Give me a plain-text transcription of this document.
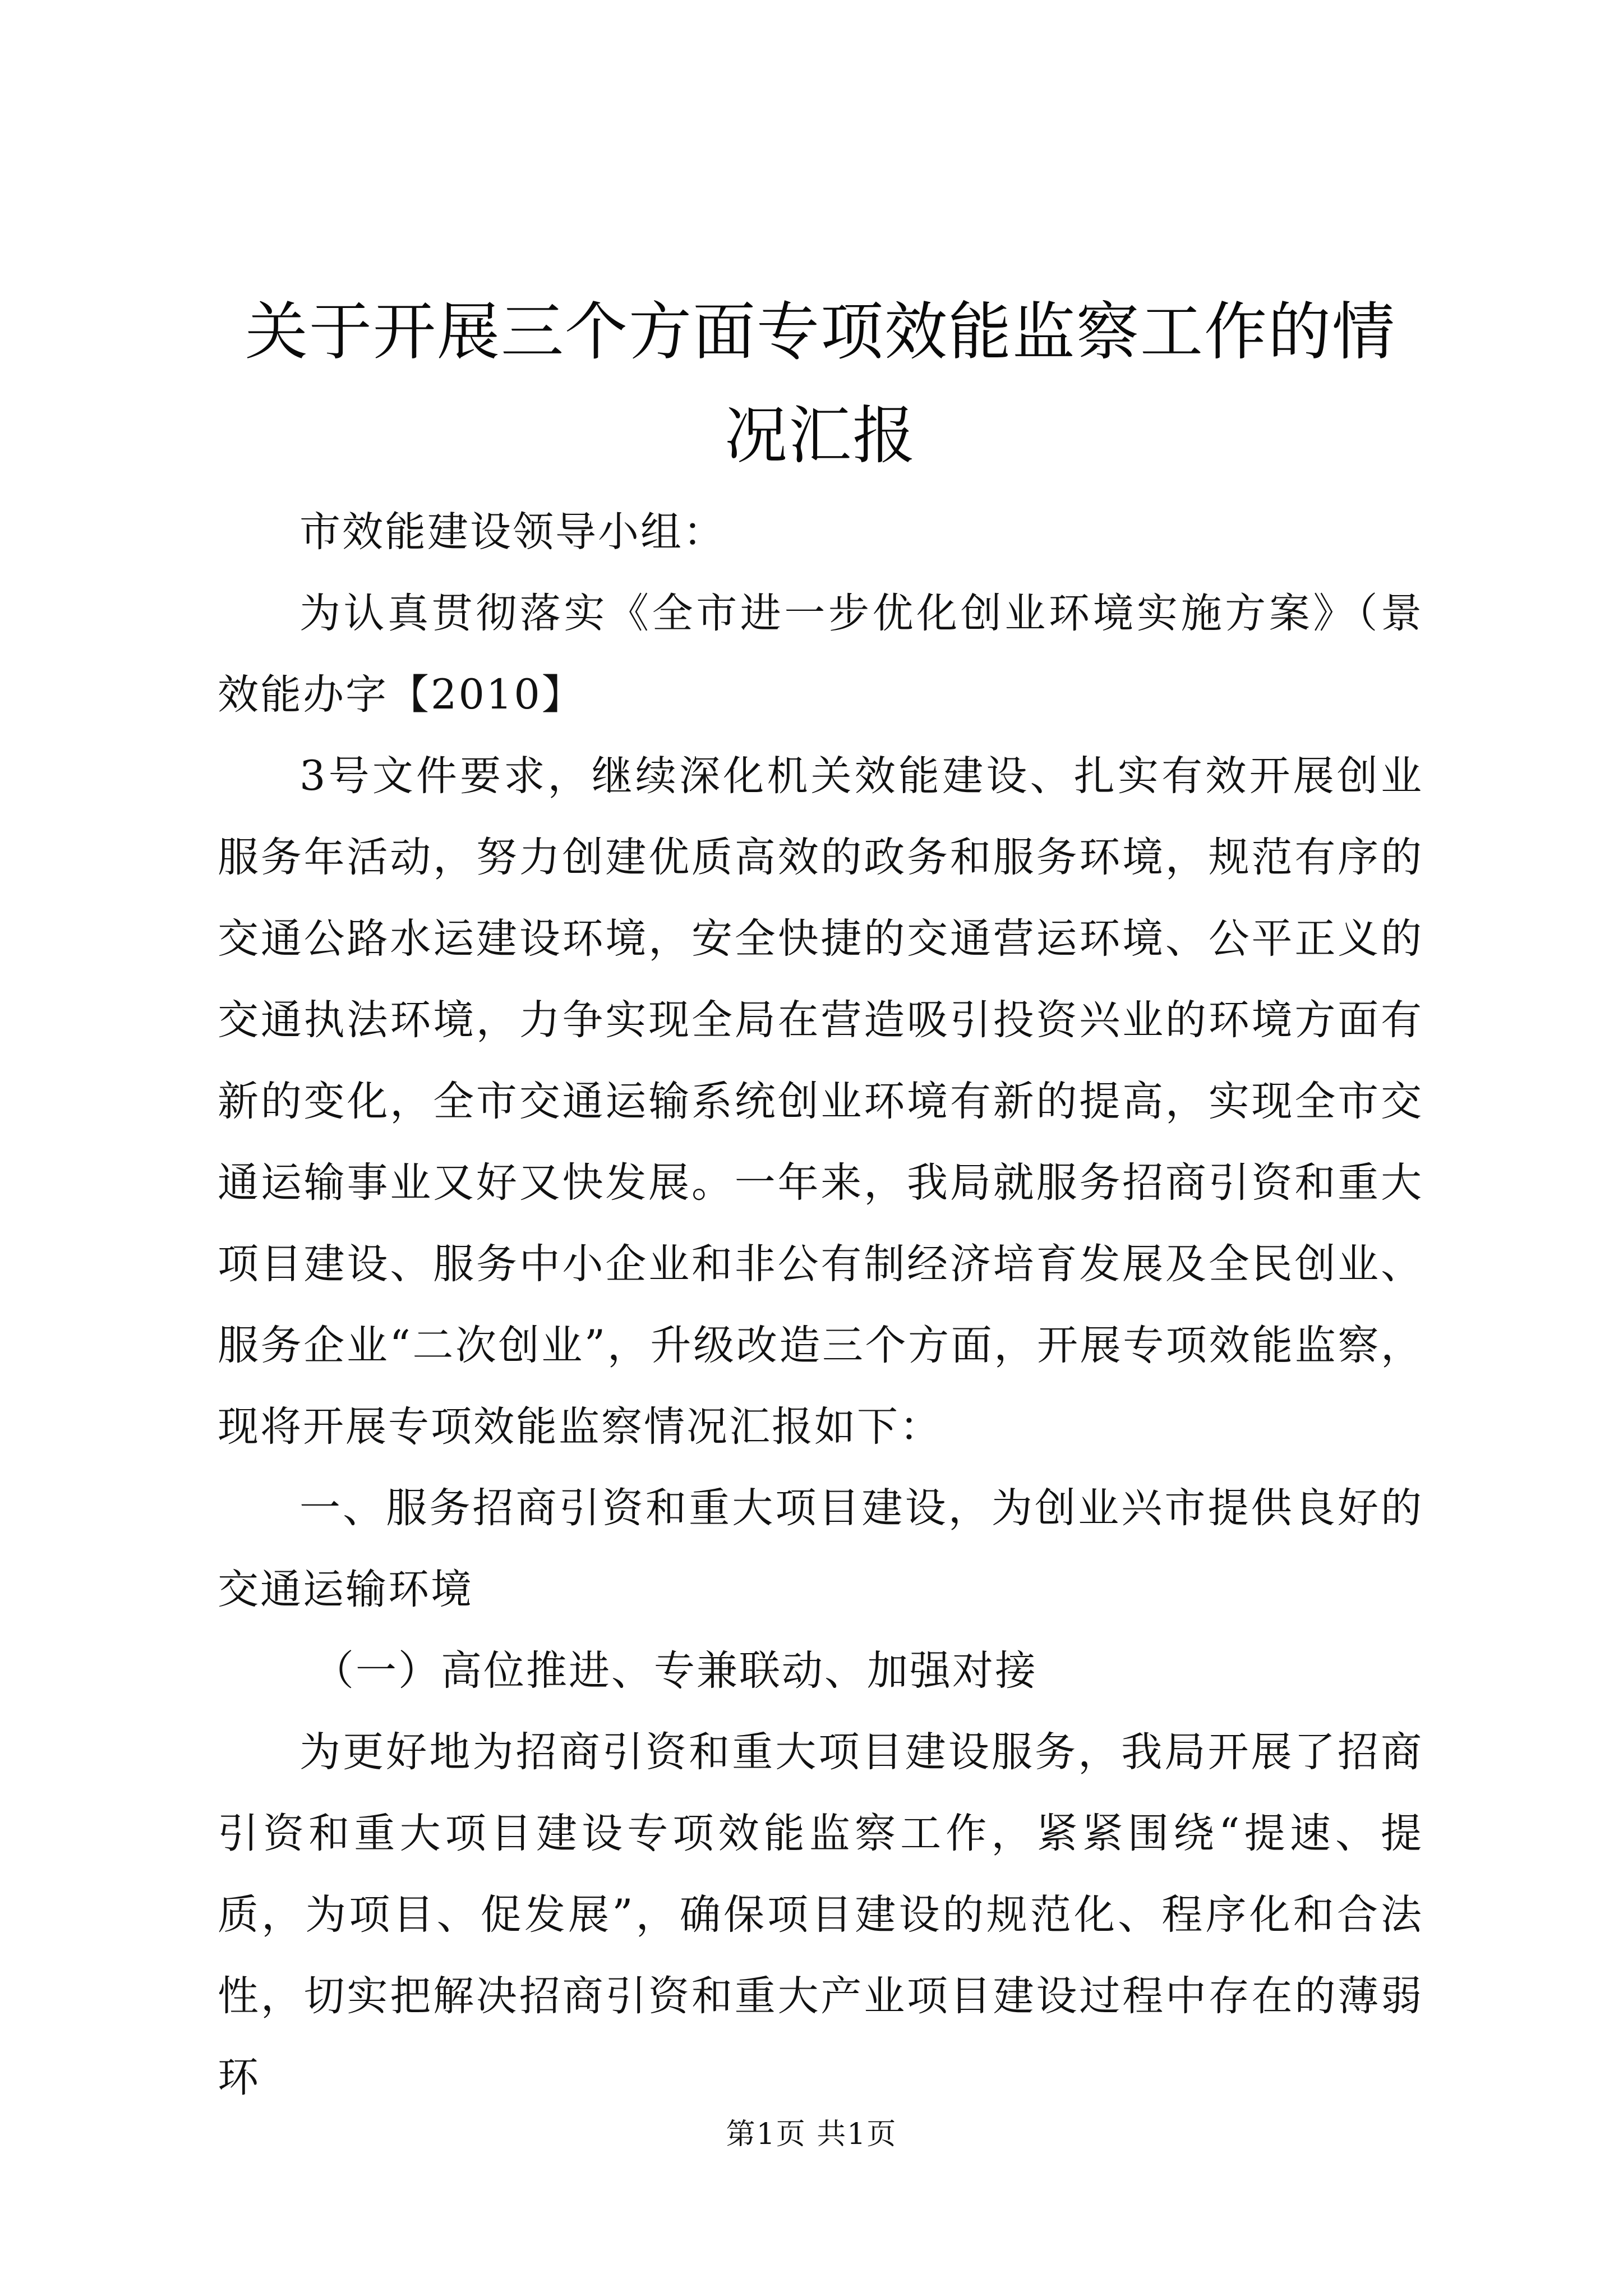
关于开展三个方面专项效能监察工作的情况汇报

市效能建设领导小组：

为认真贯彻落实《全市进一步优化创业环境实施方案》（景效能办字【2010】

3号文件要求，继续深化机关效能建设、扎实有效开展创业服务年活动，努力创建优质高效的政务和服务环境，规范有序的交通公路水运建设环境，安全快捷的交通营运环境、公平正义的交通执法环境，力争实现全局在营造吸引投资兴业的环境方面有新的变化，全市交通运输系统创业环境有新的提高，实现全市交通运输事业又好又快发展。一年来，我局就服务招商引资和重大项目建设、服务中小企业和非公有制经济培育发展及全民创业、服务企业“二次创业”，升级改造三个方面，开展专项效能监察，现将开展专项效能监察情况汇报如下：

一、服务招商引资和重大项目建设，为创业兴市提供良好的交通运输环境

（一）高位推进、专兼联动、加强对接

为更好地为招商引资和重大项目建设服务，我局开展了招商引资和重大项目建设专项效能监察工作，紧紧围绕“提速、提质，为项目、促发展”，确保项目建设的规范化、程序化和合法性，切实把解决招商引资和重大产业项目建设过程中存在的薄弱环

第1页 共1页
